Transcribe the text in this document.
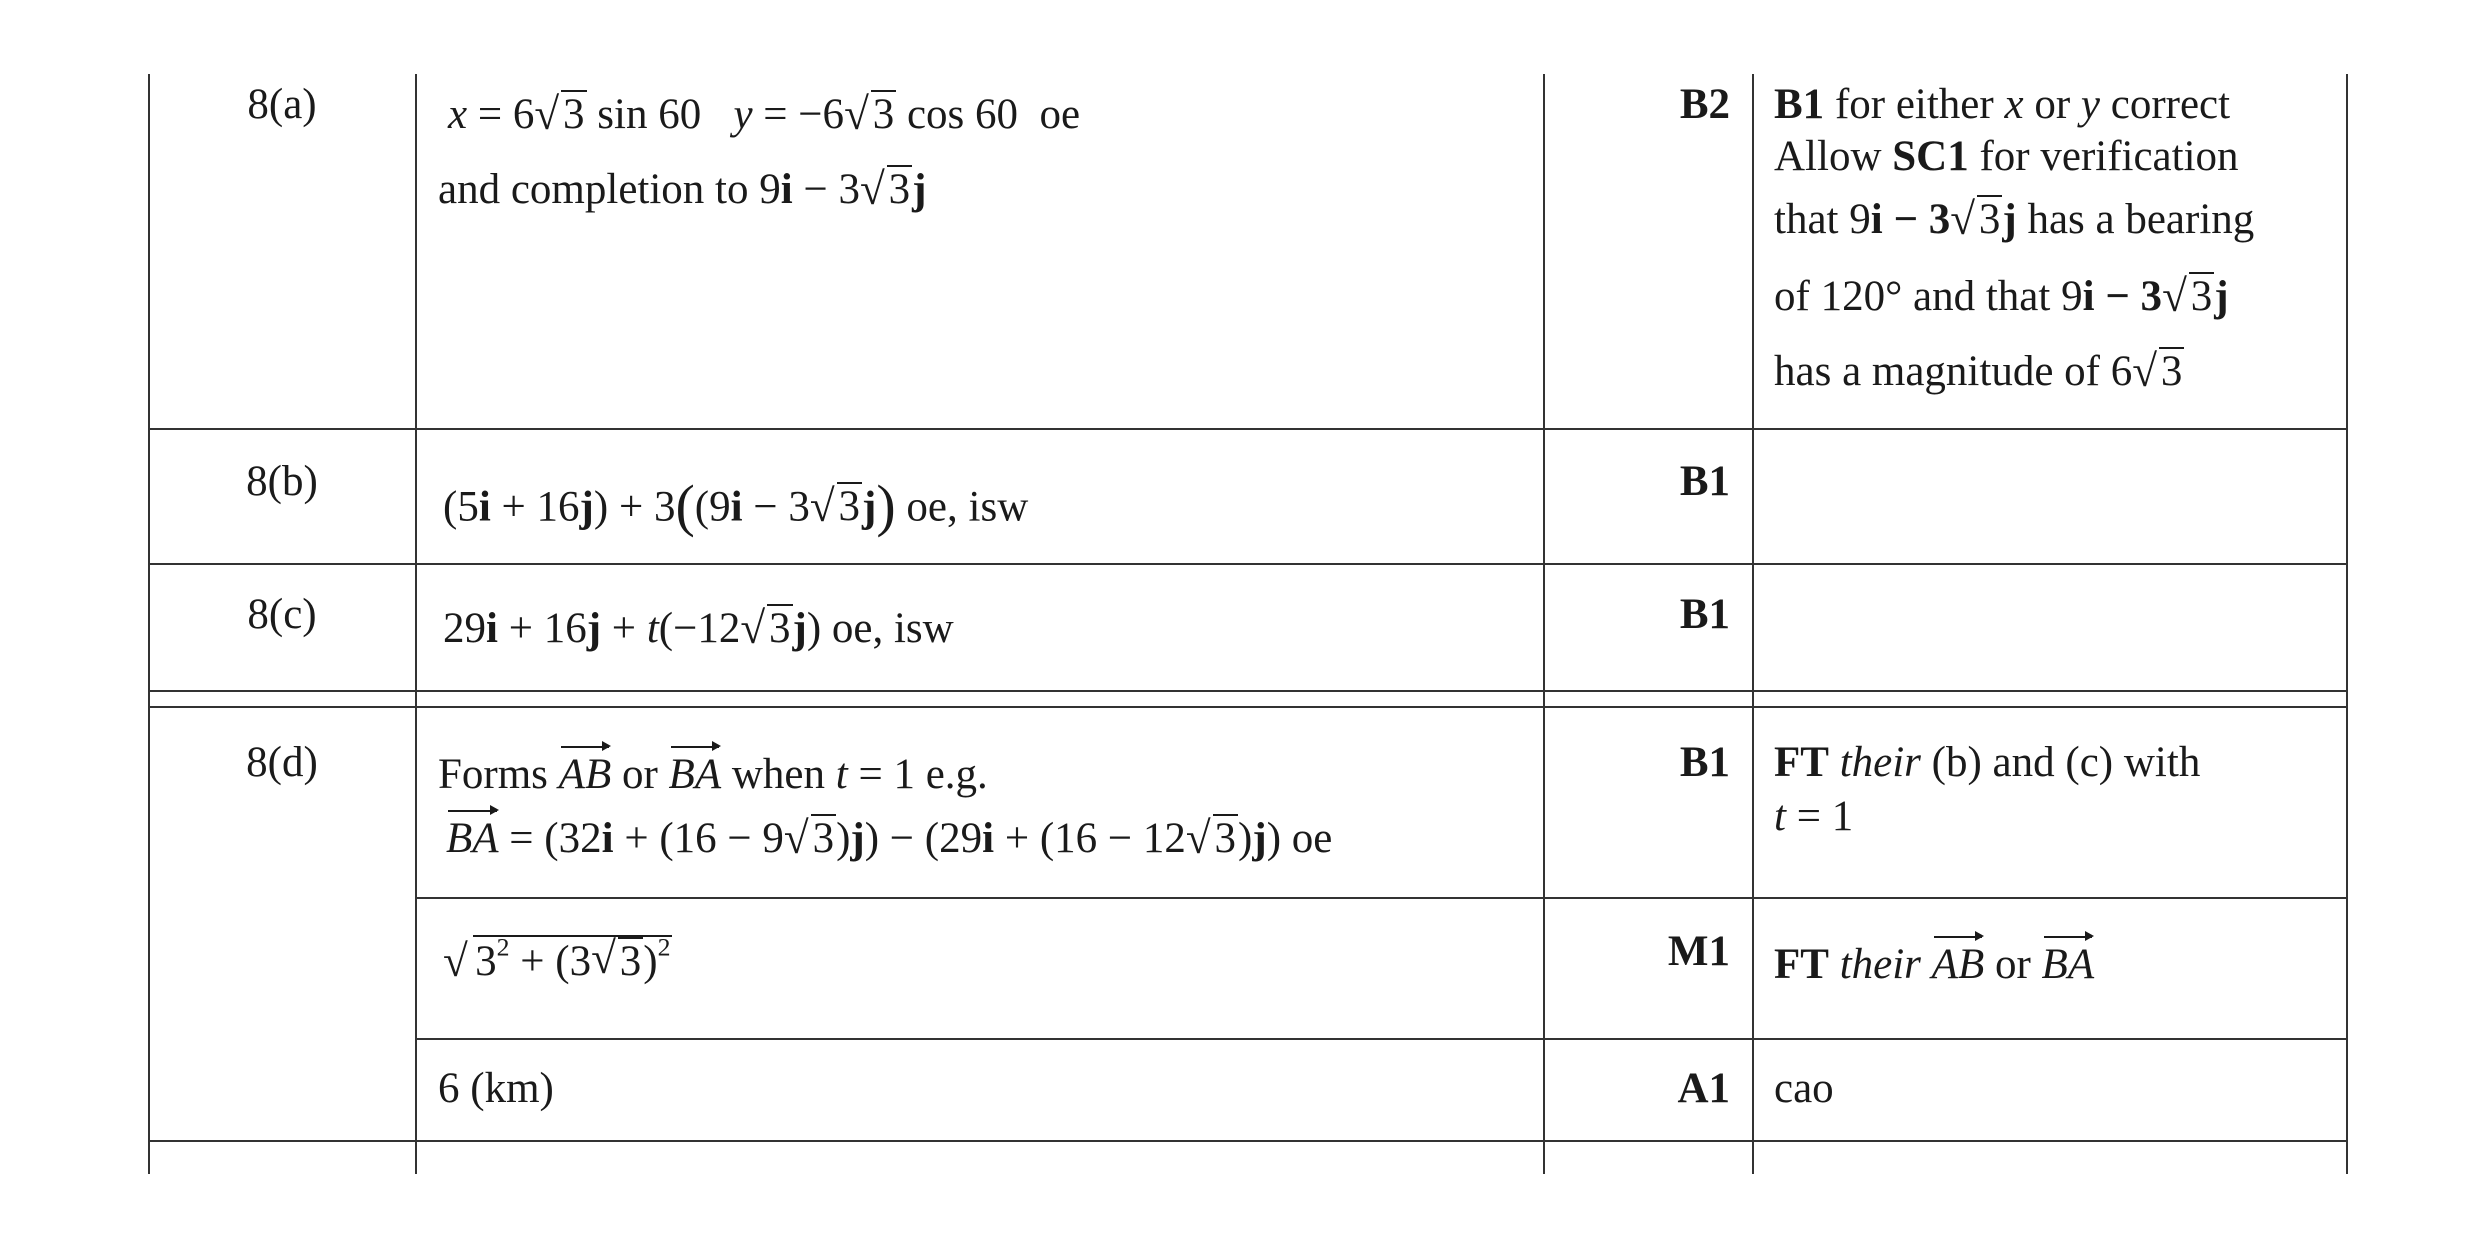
8(a)	x = 6√ 3 sin 60 y = −6√ 3 cos 60 oe
and completion to 9i − 3√ 3j
B2 B1 for either x or y correct
Allow SC1 for verification
that 9i − 3√ 3j has a bearing
of 120° and that 9i − 3√ 3j
has a magnitude of 6√ 3
8(b)
(5i + 16j) + 3((9i − 3√ 3j) oe, isw
B1
8(c)	29i + 16j + t(−12√ 3j) oe, isw	B1
8(d)	Forms AB or BA when t = 1 e.g.
BA = (32i + (16 − 9√ 3)j) − (29i + (16 − 12√ 3)j) oe
B1 FT their (b) and (c) with
t = 1
√ $3^2 + (3√$ 3)$^2$	M1 FT their AB or BA
6 (km)	A1 cao
